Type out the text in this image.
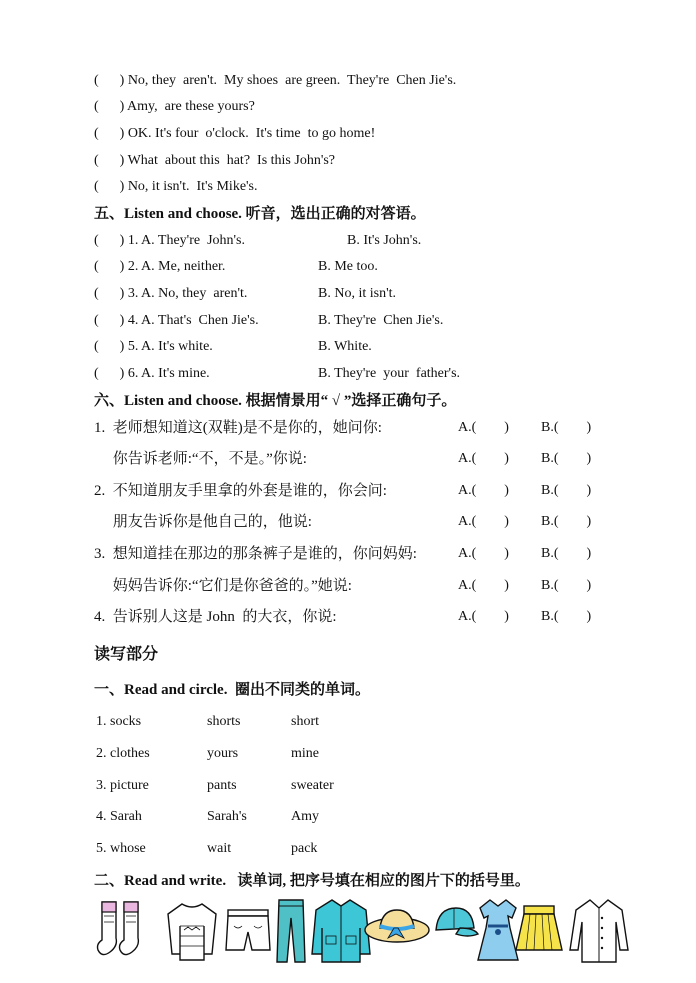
(      ) No, they  aren't.  My shoes  are green.  They're  Chen Jie's.
(      ) Amy,  are these yours?
(      ) OK. It's four  o'clock.  It's time  to go home!
(      ) What  about this  hat?  Is this John's?
(      ) No, it isn't.  It's Mike's.
五、Listen and choose. 听音，选出正确的对答语。
(      ) 1. A. They're  John's.	B. It's John's.
(      ) 2. A. Me, neither.	B. Me too.
(      ) 3. A. No, they  aren't.	B. No, it isn't.
(      ) 4. A. That's  Chen Jie's.	B. They're  Chen Jie's.
(      ) 5. A. It's white.	B. White.
(      ) 6. A. It's mine.	B. They're  your  father's.
六、Listen and choose. 根据情景用“ √ ”选择正确句子。
1.  老师想知道这(双鞋)是不是你的，她问你:	A.(        ) B.(        )
你告诉老师:“不，不是。”你说:	A.(        ) B.(        )
2.  不知道朋友手里拿的外套是谁的，你会问:	A.(        ) B.(        )
朋友告诉你是他自己的，他说:	A.(        ) B.(        )
3.  想知道挂在那边的那条裤子是谁的，你问妈妈:	A.(        ) B.(        )
妈妈告诉你:“它们是你爸爸的。”她说:	A.(        ) B.(        )
4.  告诉别人这是 John  的大衣，你说:	A.(        ) B.(        )
读写部分
一、Read and circle.  圈出不同类的单词。
1. socks	shorts	short
2. clothes	yours	mine
3. picture	pants	sweater
4. Sarah	Sarah's	Amy
5. whose	wait	pack
二、Read and write.   读单词, 把序号填在相应的图片下的括号里。
